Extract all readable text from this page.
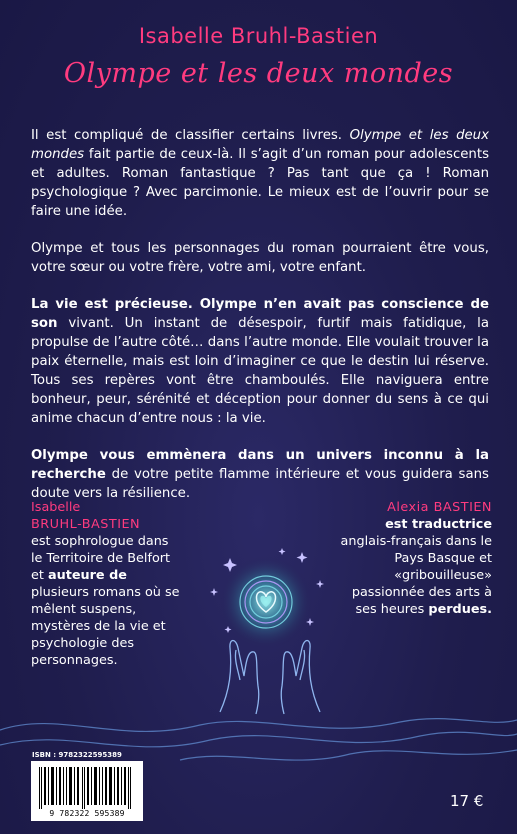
Isabelle Bruhl-Bastien
Olympe et les deux mondes

Il est compliqué de classifier certains livres. Olympe et les deux mondes fait partie de ceux-là. Il s’agit d’un roman pour adolescents et adultes. Roman fantastique ? Pas tant que ça ! Roman psychologique ? Avec parcimonie. Le mieux est de l’ouvrir pour se faire une idée.

Olympe et tous les personnages du roman pourraient être vous, votre sœur ou votre frère, votre ami, votre enfant.

La vie est précieuse. Olympe n’en avait pas conscience de son vivant. Un instant de désespoir, furtif mais fatidique, la propulse de l’autre côté… dans l’autre monde. Elle voulait trouver la paix éternelle, mais est loin d’imaginer ce que le destin lui réserve. Tous ses repères vont être chamboulés. Elle naviguera entre bonheur, peur, sérénité et déception pour donner du sens à ce qui anime chacun d’entre nous : la vie.

Olympe vous emmènera dans un univers inconnu à la recherche de votre petite flamme intérieure et vous guidera sans doute vers la résilience.

Isabelle
BRUHL-BASTIEN
est sophrologue dans le Territoire de Belfort et auteure de plusieurs romans où se mêlent suspens, mystères de la vie et psychologie des personnages.
Alexia BASTIEN
est traductrice anglais-français dans le Pays Basque et «gribouilleuse» passionnée des arts à ses heures perdues.
ISBN : 9782322595389
9 782322 595389
17 €
